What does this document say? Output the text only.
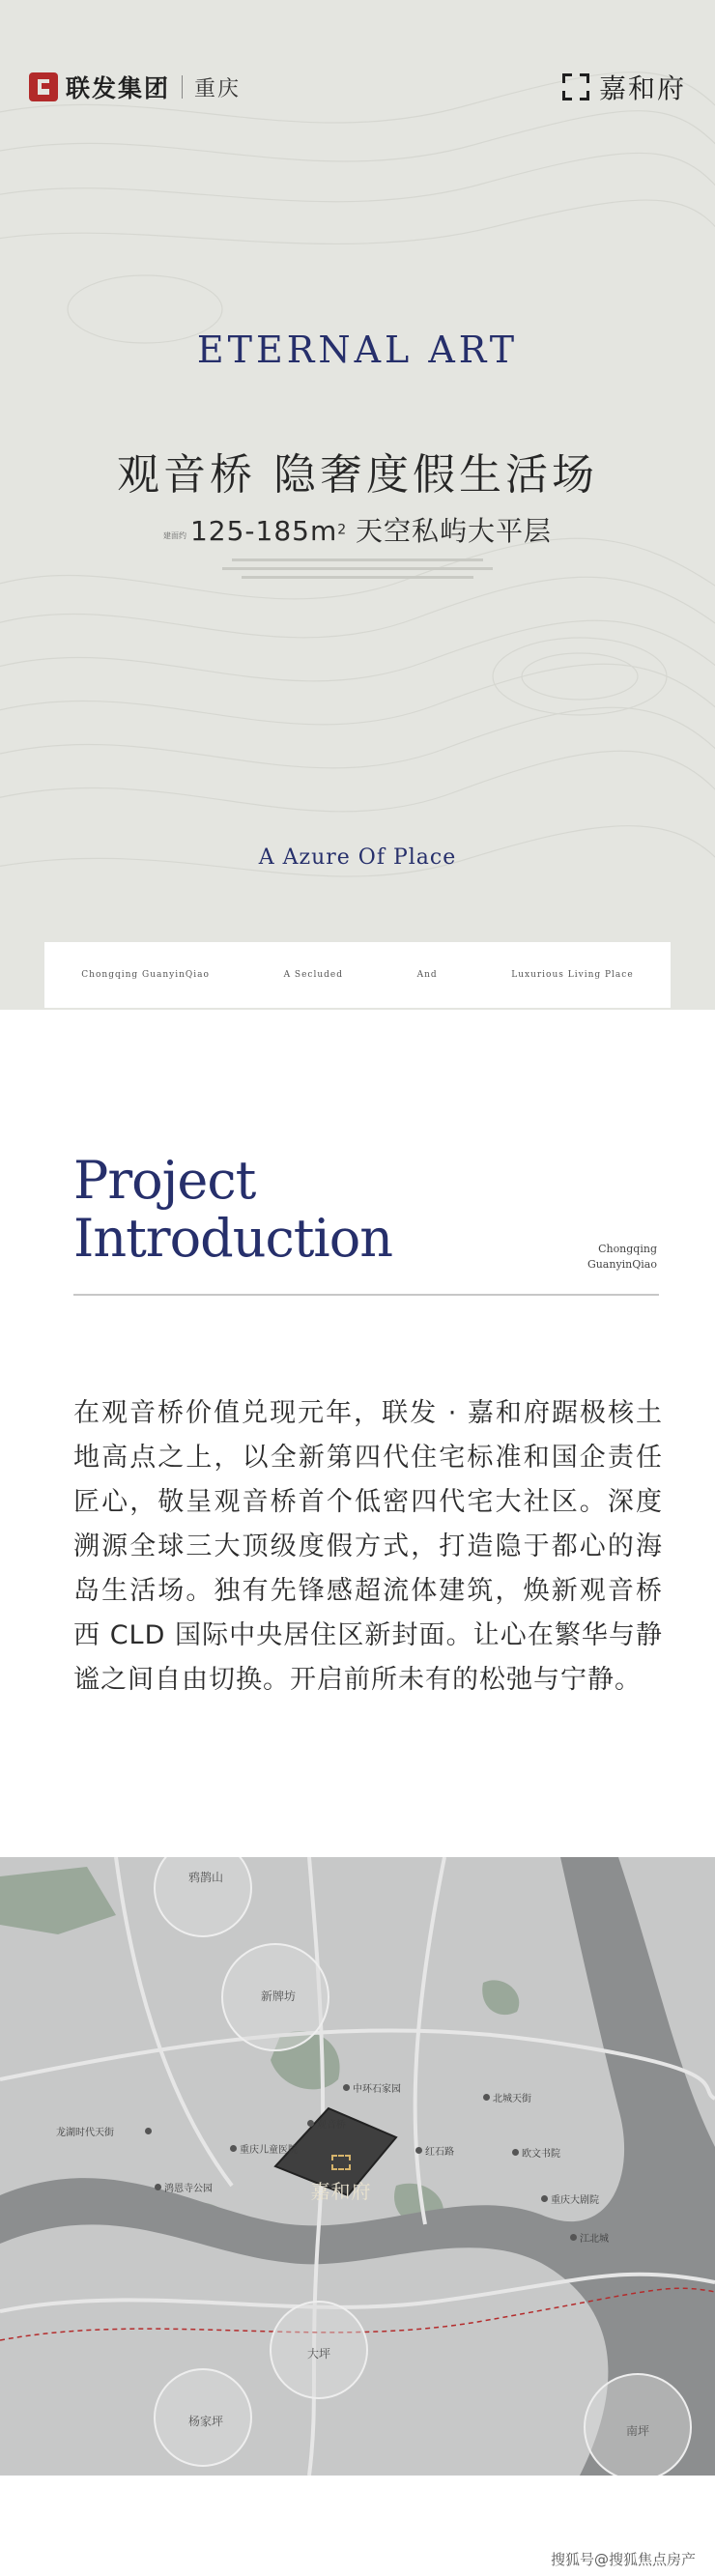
联发集团 重庆	嘉和府
ETERNAL ART
观音桥 隐奢度假生活场
建面约 $125-185m^2$ 天空私屿大平层
A Azure Of Place
Chongqing GuanyinQiao	A Secluded	And	Luxurious Living Place
Project
Introduction	Chongqing
GuanyinQiao
在观音桥价值兑现元年，联发 · 嘉和府踞极核土地高点之上，以全新第四代住宅标准和国企责任匠心，敬呈观音桥首个低密四代宅大社区。深度溯源全球三大顶级度假方式，打造隐于都心的海岛生活场。独有先锋感超流体建筑，焕新观音桥西 CLD 国际中央居住区新封面。让心在繁华与静谧之间自由切换。开启前所未有的松弛与宁静。
鸦鹊山
新牌坊
大坪
杨家坪
南坪
观音桥
中环石家园
红石路
北城天街
重庆儿童医院	欧文书院
鸿恩寺公园
重庆大剧院
江北城
龙湖时代天街
嘉和府
搜狐号@搜狐焦点房产
